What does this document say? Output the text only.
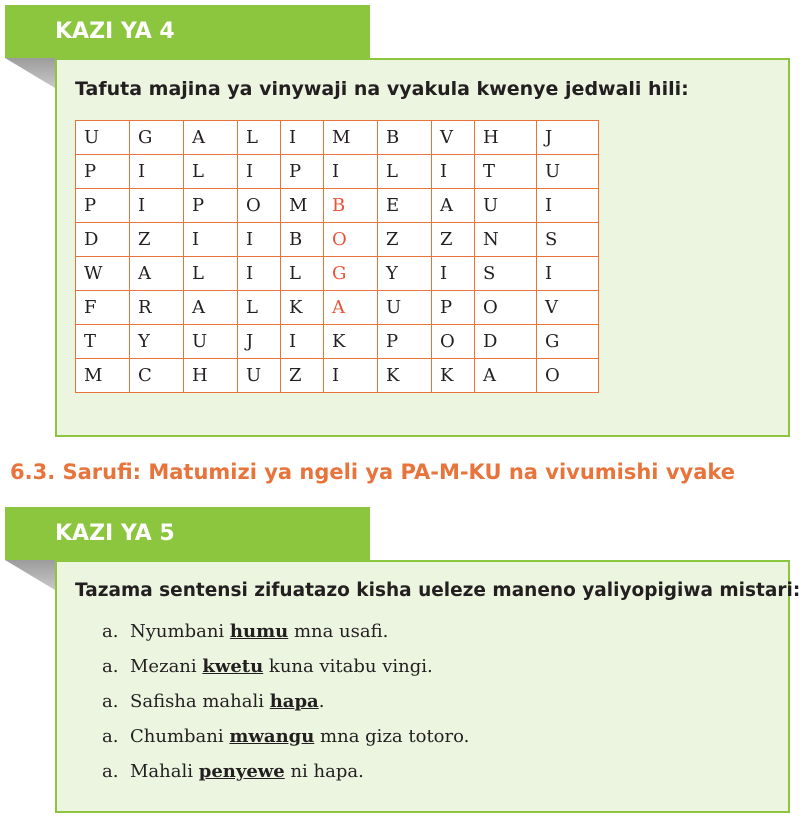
KAZI YA 4
Tafuta majina ya vinywaji na vyakula kwenye jedwali hili:
U	G	A	L	I	M	B	V	H	J
P	I	L	I	P	I	L	I	T	U
P	I	P	O	M	B	E	A	U	I
D	Z	I	I	B	O	Z	Z	N	S
W	A	L	I	L	G	Y	I	S	I
F	R	A	L	K	A	U	P	O	V
T	Y	U	J	I	K	P	O	D	G
M	C	H	U	Z	I	K	K	A	O
6.3. Sarufi: Matumizi ya ngeli ya PA-M-KU na vivumishi vyake
KAZI YA 5
Tazama sentensi zifuatazo kisha ueleze maneno yaliyopigiwa mistari:
a. Nyumbani humu mna usafi.
a. Mezani kwetu kuna vitabu vingi.
a. Safisha mahali hapa.
a. Chumbani mwangu mna giza totoro.
a. Mahali penyewe ni hapa.
